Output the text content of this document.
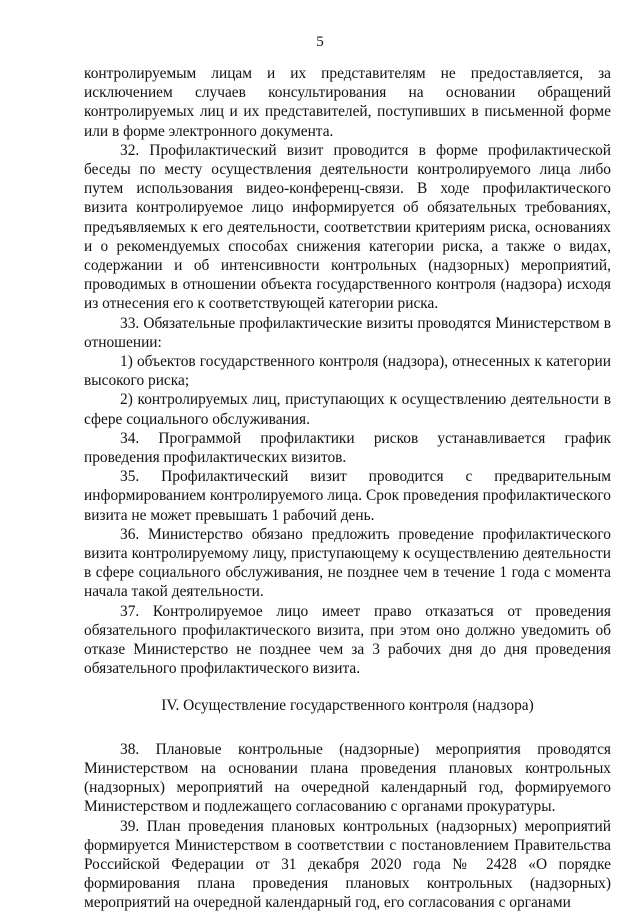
5

контролируемым лицам и их представителям не предоставляется, за исключением случаев консультирования на основании обращений контролируемых лиц и их представителей, поступивших в письменной форме или в форме электронного документа.

32. Профилактический визит проводится в форме профилактической беседы по месту осуществления деятельности контролируемого лица либо путем использования видео-конференц-связи. В ходе профилактического визита контролируемое лицо информируется об обязательных требованиях, предъявляемых к его деятельности, соответствии критериям риска, основаниях и о рекомендуемых способах снижения категории риска, а также о видах, содержании и об интенсивности контрольных (надзорных) мероприятий, проводимых в отношении объекта государственного контроля (надзора) исходя из отнесения его к соответствующей категории риска.

33. Обязательные профилактические визиты проводятся Министерством в отношении:

1) объектов государственного контроля (надзора), отнесенных к категории высокого риска;

2) контролируемых лиц, приступающих к осуществлению деятельности в сфере социального обслуживания.

34. Программой профилактики рисков устанавливается график проведения профилактических визитов.

35. Профилактический визит проводится с предварительным информированием контролируемого лица. Срок проведения профилактического визита не может превышать 1 рабочий день.

36. Министерство обязано предложить проведение профилактического визита контролируемому лицу, приступающему к осуществлению деятельности в сфере социального обслуживания, не позднее чем в течение 1 года с момента начала такой деятельности.

37. Контролируемое лицо имеет право отказаться от проведения обязательного профилактического визита, при этом оно должно уведомить об отказе Министерство не позднее чем за 3 рабочих дня до дня проведения обязательного профилактического визита.

IV. Осуществление государственного контроля (надзора)

38. Плановые контрольные (надзорные) мероприятия проводятся Министерством на основании плана проведения плановых контрольных (надзорных) мероприятий на очередной календарный год, формируемого Министерством и подлежащего согласованию с органами прокуратуры.

39. План проведения плановых контрольных (надзорных) мероприятий формируется Министерством в соответствии с постановлением Правительства Российской Федерации от 31 декабря 2020 года № 2428 «О порядке формирования плана проведения плановых контрольных (надзорных) мероприятий на очередной календарный год, его согласования с органами
